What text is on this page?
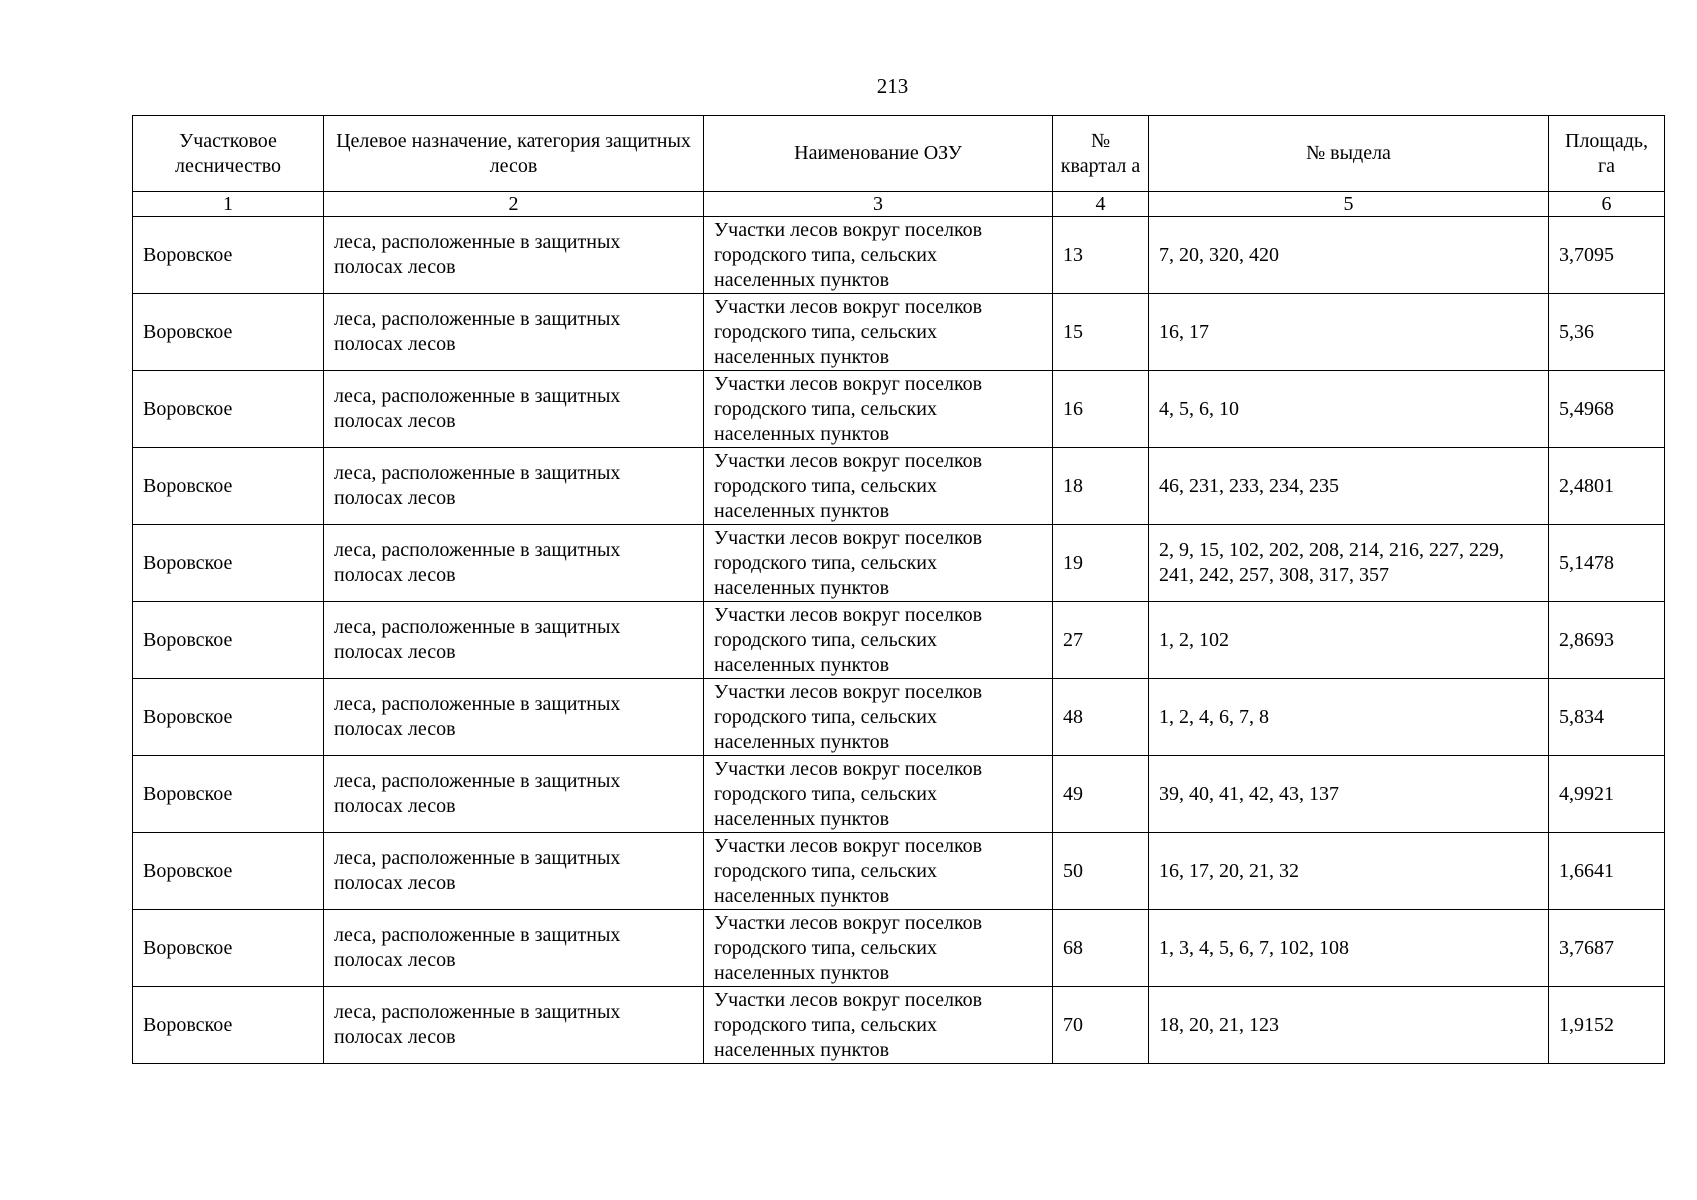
213
Участковое лесничество	Целевое назначение, категория защитных лесов	Наименование ОЗУ	№ квартал а	№ выдела	Площадь, га
1	2	3	4	5	6
Воровское	леса, расположенные в защитных полосах лесов	Участки лесов вокруг поселков городского типа, сельских населенных пунктов	13	7, 20, 320, 420	3,7095
Воровское	леса, расположенные в защитных полосах лесов	Участки лесов вокруг поселков городского типа, сельских населенных пунктов	15	16, 17	5,36
Воровское	леса, расположенные в защитных полосах лесов	Участки лесов вокруг поселков городского типа, сельских населенных пунктов	16	4, 5, 6, 10	5,4968
Воровское	леса, расположенные в защитных полосах лесов	Участки лесов вокруг поселков городского типа, сельских населенных пунктов	18	46, 231, 233, 234, 235	2,4801
Воровское	леса, расположенные в защитных полосах лесов	Участки лесов вокруг поселков городского типа, сельских населенных пунктов	19	2, 9, 15, 102, 202, 208, 214, 216, 227, 229, 241, 242, 257, 308, 317, 357	5,1478
Воровское	леса, расположенные в защитных полосах лесов	Участки лесов вокруг поселков городского типа, сельских населенных пунктов	27	1, 2, 102	2,8693
Воровское	леса, расположенные в защитных полосах лесов	Участки лесов вокруг поселков городского типа, сельских населенных пунктов	48	1, 2, 4, 6, 7, 8	5,834
Воровское	леса, расположенные в защитных полосах лесов	Участки лесов вокруг поселков городского типа, сельских населенных пунктов	49	39, 40, 41, 42, 43, 137	4,9921
Воровское	леса, расположенные в защитных полосах лесов	Участки лесов вокруг поселков городского типа, сельских населенных пунктов	50	16, 17, 20, 21, 32	1,6641
Воровское	леса, расположенные в защитных полосах лесов	Участки лесов вокруг поселков городского типа, сельских населенных пунктов	68	1, 3, 4, 5, 6, 7, 102, 108	3,7687
Воровское	леса, расположенные в защитных полосах лесов	Участки лесов вокруг поселков городского типа, сельских населенных пунктов	70	18, 20, 21, 123	1,9152
